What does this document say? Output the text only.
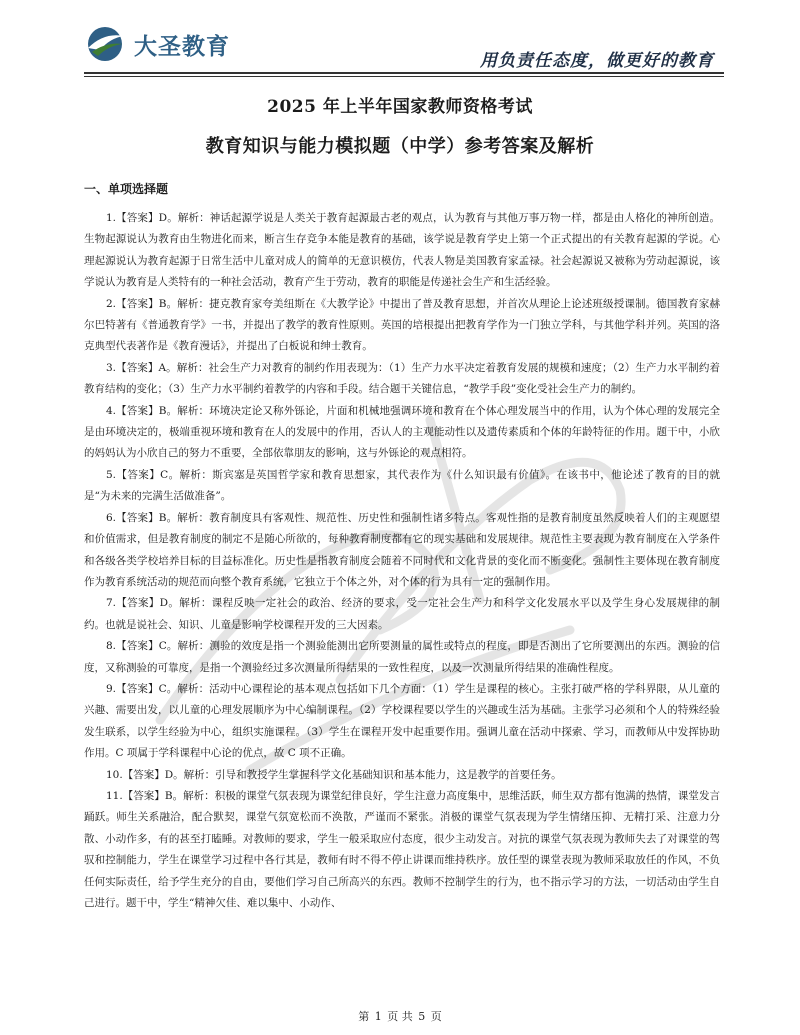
大圣教育
用负责任态度，做更好的教育
2025 年上半年国家教师资格考试
教育知识与能力模拟题（中学）参考答案及解析
一、单项选择题

1.【答案】D。解析：神话起源学说是人类关于教育起源最古老的观点，认为教育与其他万事万物一样，都是由人格化的神所创造。生物起源说认为教育由生物进化而来，断言生存竞争本能是教育的基础，该学说是教育学史上第一个正式提出的有关教育起源的学说。心理起源说认为教育起源于日常生活中儿童对成人的简单的无意识模仿，代表人物是美国教育家孟禄。社会起源说又被称为劳动起源说，该学说认为教育是人类特有的一种社会活动，教育产生于劳动，教育的职能是传递社会生产和生活经验。

2.【答案】B。解析：捷克教育家夸美纽斯在《大教学论》中提出了普及教育思想，并首次从理论上论述班级授课制。德国教育家赫尔巴特著有《普通教育学》一书，并提出了教学的教育性原则。英国的培根提出把教育学作为一门独立学科，与其他学科并列。英国的洛克典型代表著作是《教育漫话》，并提出了白板说和绅士教育。

3.【答案】A。解析：社会生产力对教育的制约作用表现为：（1）生产力水平决定着教育发展的规模和速度；（2）生产力水平制约着教育结构的变化；（3）生产力水平制约着教学的内容和手段。结合题干关键信息，“教学手段”变化受社会生产力的制约。

4.【答案】B。解析：环境决定论又称外铄论，片面和机械地强调环境和教育在个体心理发展当中的作用，认为个体心理的发展完全是由环境决定的，极端重视环境和教育在人的发展中的作用，否认人的主观能动性以及遗传素质和个体的年龄特征的作用。题干中，小欣的妈妈认为小欣自己的努力不重要，全部依靠朋友的影响，这与外铄论的观点相符。

5.【答案】C。解析：斯宾塞是英国哲学家和教育思想家，其代表作为《什么知识最有价值》。在该书中，他论述了教育的目的就是“为未来的完满生活做准备”。

6.【答案】B。解析：教育制度具有客观性、规范性、历史性和强制性诸多特点。客观性指的是教育制度虽然反映着人们的主观愿望和价值需求，但是教育制度的制定不是随心所欲的，每种教育制度都有它的现实基础和发展规律。规范性主要表现为教育制度在入学条件和各级各类学校培养目标的目益标准化。历史性是指教育制度会随着不同时代和文化背景的变化而不断变化。强制性主要体现在教育制度作为教育系统活动的规范而向整个教育系统，它独立于个体之外，对个体的行为具有一定的强制作用。

7.【答案】D。解析：课程反映一定社会的政治、经济的要求，受一定社会生产力和科学文化发展水平以及学生身心发展规律的制约。也就是说社会、知识、儿童是影响学校课程开发的三大因素。

8.【答案】C。解析：测验的效度是指一个测验能测出它所要测量的属性或特点的程度，即是否测出了它所要测出的东西。测验的信度，又称测验的可靠度，是指一个测验经过多次测量所得结果的一致性程度，以及一次测量所得结果的准确性程度。

9.【答案】C。解析：活动中心课程论的基本观点包括如下几个方面：（1）学生是课程的核心。主张打破严格的学科界限，从儿童的兴趣、需要出发，以儿童的心理发展顺序为中心编制课程。（2）学校课程要以学生的兴趣或生活为基础。主张学习必须和个人的特殊经验发生联系，以学生经验为中心，组织实施课程。（3）学生在课程开发中起重要作用。强调儿童在活动中探索、学习，而教师从中发挥协助作用。C 项属于学科课程中心论的优点，故 C 项不正确。

10.【答案】D。解析：引导和教授学生掌握科学文化基础知识和基本能力，这是教学的首要任务。

11.【答案】B。解析：积极的课堂气氛表现为课堂纪律良好，学生注意力高度集中，思维活跃，师生双方都有饱满的热情，课堂发言踊跃。师生关系融洽，配合默契，课堂气氛宽松而不涣散，严谨而不紧张。消极的课堂气氛表现为学生情绪压抑、无精打采、注意力分散、小动作多，有的甚至打瞌睡。对教师的要求，学生一般采取应付态度，很少主动发言。对抗的课堂气氛表现为教师失去了对课堂的驾驭和控制能力，学生在课堂学习过程中各行其是，教师有时不得不停止讲课而维持秩序。放任型的课堂表现为教师采取放任的作风，不负任何实际责任，给予学生充分的自由，要他们学习自己所高兴的东西。教师不控制学生的行为，也不指示学习的方法，一切活动由学生自己进行。题干中，学生“精神欠佳、难以集中、小动作、

第 1 页 共 5 页
